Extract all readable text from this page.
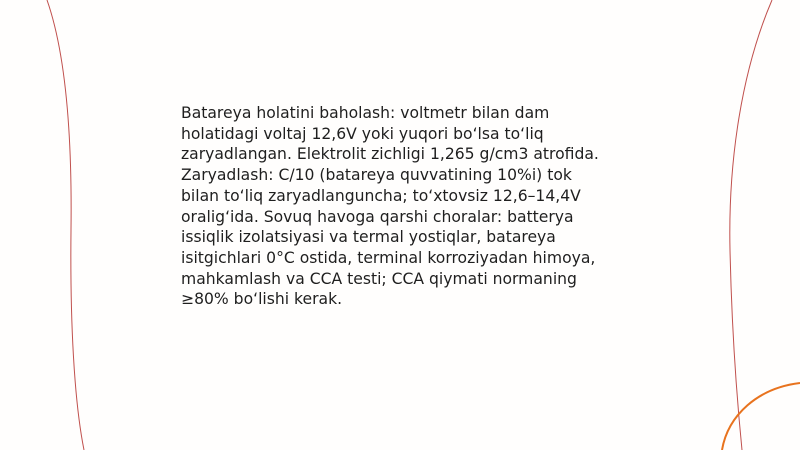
Batareya holatini baholash: voltmetr bilan dam
holatidagi voltaj 12,6V yoki yuqori bo‘lsa to‘liq
zaryadlangan. Elektrolit zichligi 1,265 g/cm3 atrofida.
Zaryadlash: C/10 (batareya quvvatining 10%i) tok
bilan to‘liq zaryadlanguncha; to‘xtovsiz 12,6–14,4V
oralig‘ida. Sovuq havoga qarshi choralar: batterya
issiqlik izolatsiyasi va termal yostiqlar, batareya
isitgichlari 0°C ostida, terminal korroziyadan himoya,
mahkamlash va CCA testi; CCA qiymati normaning
≥80% bo‘lishi kerak.
